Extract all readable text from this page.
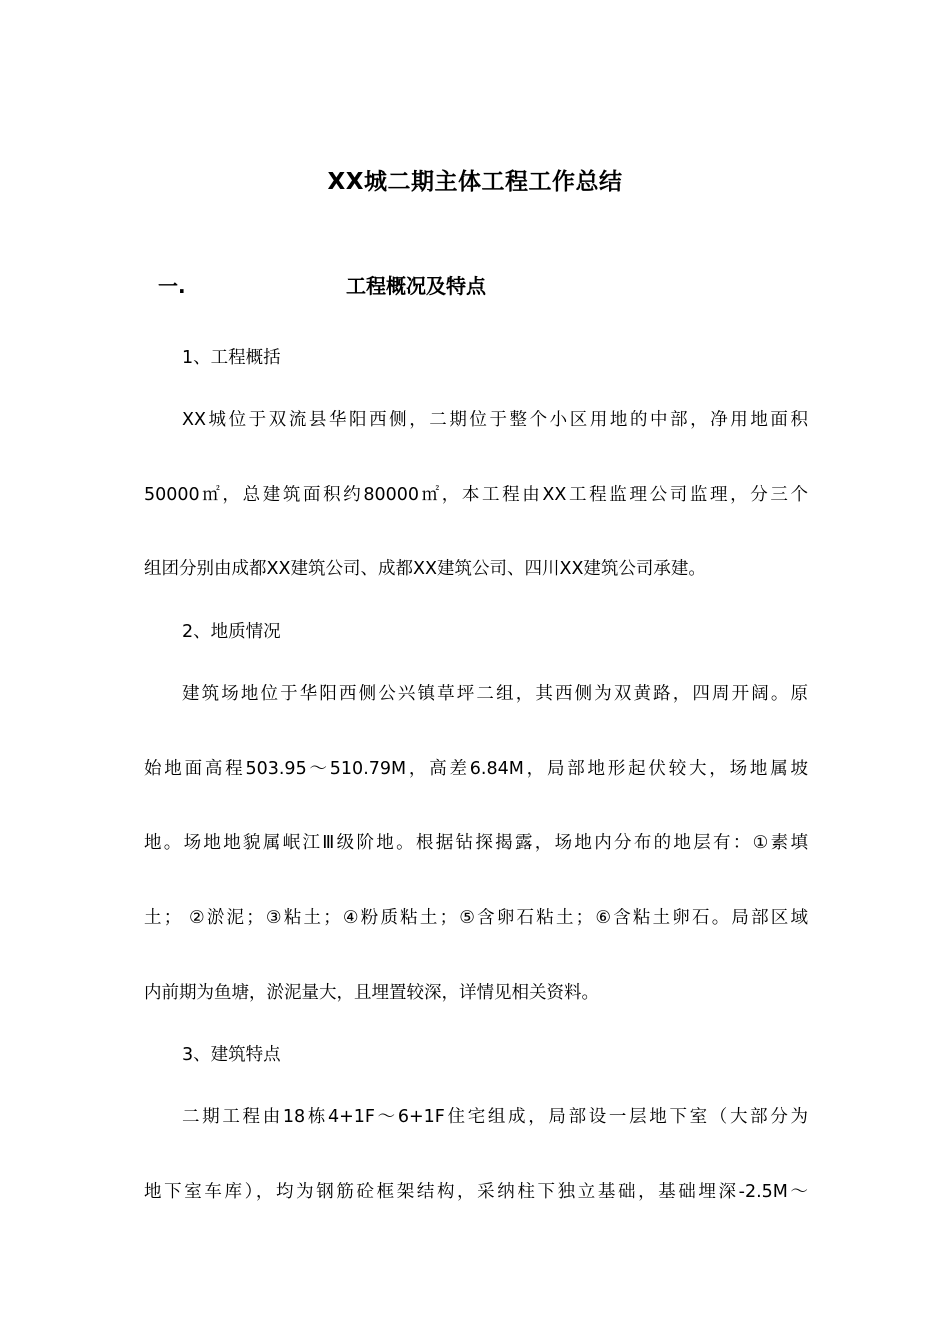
XX城二期主体工程工作总结
一.	工程概况及特点
1、工程概括
XX城位于双流县华阳西侧，二期位于整个小区用地的中部，净用地面积
50000㎡，总建筑面积约80000㎡，本工程由XX工程监理公司监理，分三个
组团分别由成都XX建筑公司、成都XX建筑公司、四川XX建筑公司承建。
2、地质情况
建筑场地位于华阳西侧公兴镇草坪二组，其西侧为双黄路，四周开阔。原
始地面高程503.95～510.79M，高差6.84M，局部地形起伏较大，场地属坡
地。场地地貌属岷江Ⅲ级阶地。根据钻探揭露，场地内分布的地层有：①素填
土； ②淤泥；③粘土；④粉质粘土；⑤含卵石粘土；⑥含粘土卵石。局部区域
内前期为鱼塘，淤泥量大，且埋置较深，详情见相关资料。
3、建筑特点
二期工程由18栋4+1F～6+1F住宅组成，局部设一层地下室（大部分为
地下室车库），均为钢筋砼框架结构，采纳柱下独立基础，基础埋深-2.5M～
